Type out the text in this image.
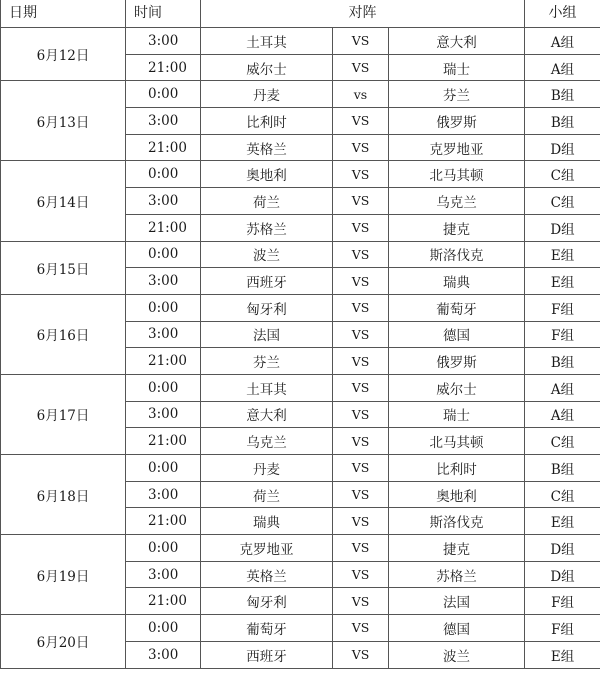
日期	时间	对阵			小组
6月12日	3:00	土耳其	VS	意大利	A组
	21:00	威尔士	VS	瑞士	A组
6月13日	0:00	丹麦	vs	芬兰	B组
	3:00	比利时	VS	俄罗斯	B组
	21:00	英格兰	VS	克罗地亚	D组
6月14日	0:00	奥地利	VS	北马其顿	C组
	3:00	荷兰	VS	乌克兰	C组
	21:00	苏格兰	VS	捷克	D组
6月15日	0:00	波兰	VS	斯洛伐克	E组
	3:00	西班牙	VS	瑞典	E组
6月16日	0:00	匈牙利	VS	葡萄牙	F组
	3:00	法国	VS	德国	F组
	21:00	芬兰	VS	俄罗斯	B组
6月17日	0:00	土耳其	VS	威尔士	A组
	3:00	意大利	VS	瑞士	A组
	21:00	乌克兰	VS	北马其顿	C组
6月18日	0:00	丹麦	VS	比利时	B组
	3:00	荷兰	VS	奥地利	C组
	21:00	瑞典	VS	斯洛伐克	E组
6月19日	0:00	克罗地亚	VS	捷克	D组
	3:00	英格兰	VS	苏格兰	D组
	21:00	匈牙利	VS	法国	F组
6月20日	0:00	葡萄牙	VS	德国	F组
	3:00	西班牙	VS	波兰	E组
